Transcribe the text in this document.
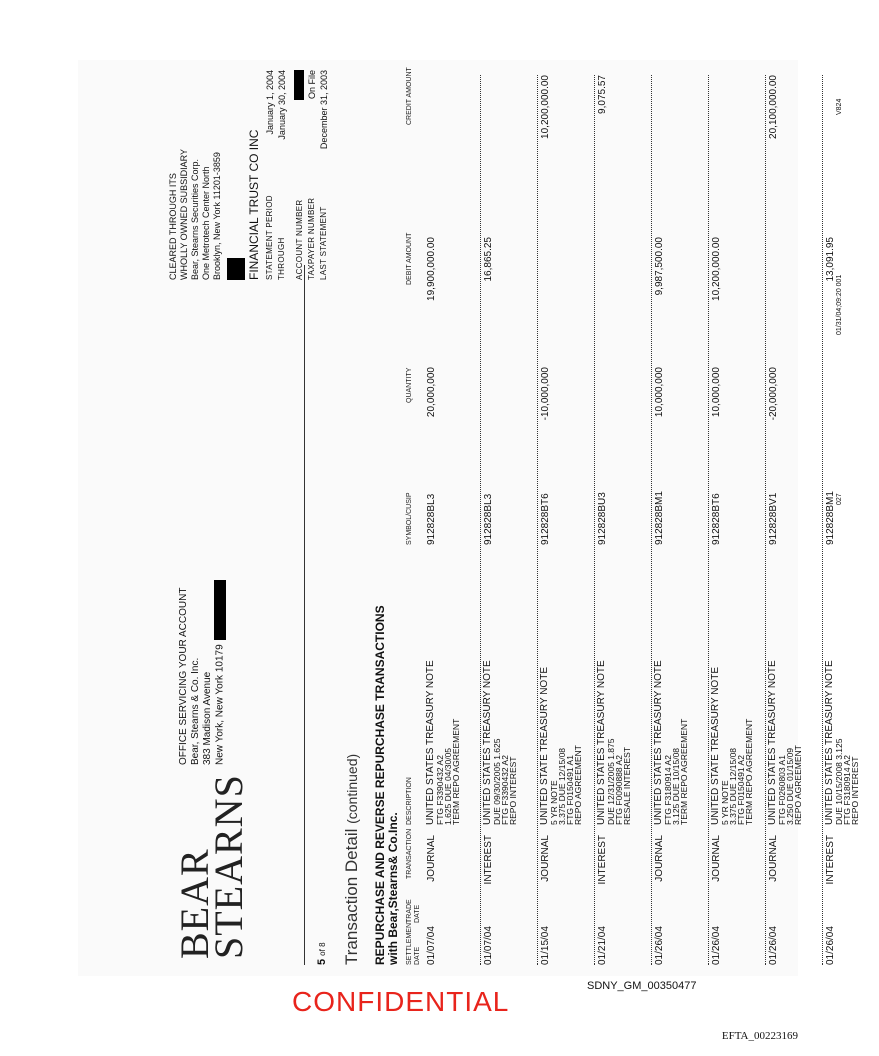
BEAR
STEARNS
OFFICE SERVICING YOUR ACCOUNT Bear, Stearns & Co. Inc. 383 Madison Avenue New York, New York 10179
CLEARED THROUGH ITS WHOLLY OWNED SUBSIDIARY Bear, Stearns Securities Corp. One Metrotech Center North Brooklyn, New York 11201-3859 FINANCIAL TRUST CO INC STATEMENT PERIOD
January 1, 2004
THROUGH
January 30, 2004
ACCOUNT NUMBER TAXPAYER NUMBER
On File
LAST STATEMENT
December 31, 2003
5 of 8 Transaction Detail (continued) REPURCHASE AND REVERSE REPURCHASE TRANSACTIONS with Bear,Stearns& Co.Inc. SETTLEMENT DATE
TRADE DATE
TRANSACTION
DESCRIPTION
SYMBOL/CUSIP
QUANTITY
DEBIT AMOUNT
CREDIT AMOUNT
01/07/04
JOURNAL
UNITED STATES TREASURY NOTE FTG F3390432 A2
1.625 DUE 04/30/05
TERM REPO AGREEMENT
912828BL3
20,000,000
19,900,000.00
01/07/04
INTEREST
UNITED STATES TREASURY NOTE DUE 09/30/2005 1.625
FTG F3390432 A2
REPO INTEREST
912828BL3
16,865.25
01/15/04
JOURNAL
UNITED STATE TREASURY NOTE 5 YR NOTE
3.375 DUE 12/15/08
FTG F0150491 A1
REPO AGREEMENT
912828BT6
-10,000,000
10,200,000.00
01/21/04
INTEREST
UNITED STATES TREASURY NOTE DUE 12/31/2005 1.875
FTG F0090888 A2
RESALE INTEREST
912828BU3
9,075.57
01/26/04
JOURNAL
UNITED STATES TREASURY NOTE FTG F3180914 A2
3.125 DUE 10/15/08
TERM REPO AGREEMENT
912828BM1
10,000,000
9,987,500.00
01/26/04
JOURNAL
UNITED STATE TREASURY NOTE 5 YR NOTE
3.375 DUE 12/15/08
FTG F0150491 A2
TERM REPO AGREEMENT
912828BT6
10,000,000
10,200,000.00
01/26/04
JOURNAL
UNITED STATES TREASURY NOTE FTG F0260803 A1
3.250 DUE 01/15/09
REPO AGREEMENT
912828BV1
-20,000,000
20,100,000.00
01/26/04
INTEREST
UNITED STATES TREASURY NOTE DUE 10/15/2008 3.125
FTG F3180914 A2
REPO INTEREST
912828BM1
13,091.95
027
01/31/04;09:20 001
V824
CONFIDENTIAL	SDNY_GM_00350477
EFTA_00223169
